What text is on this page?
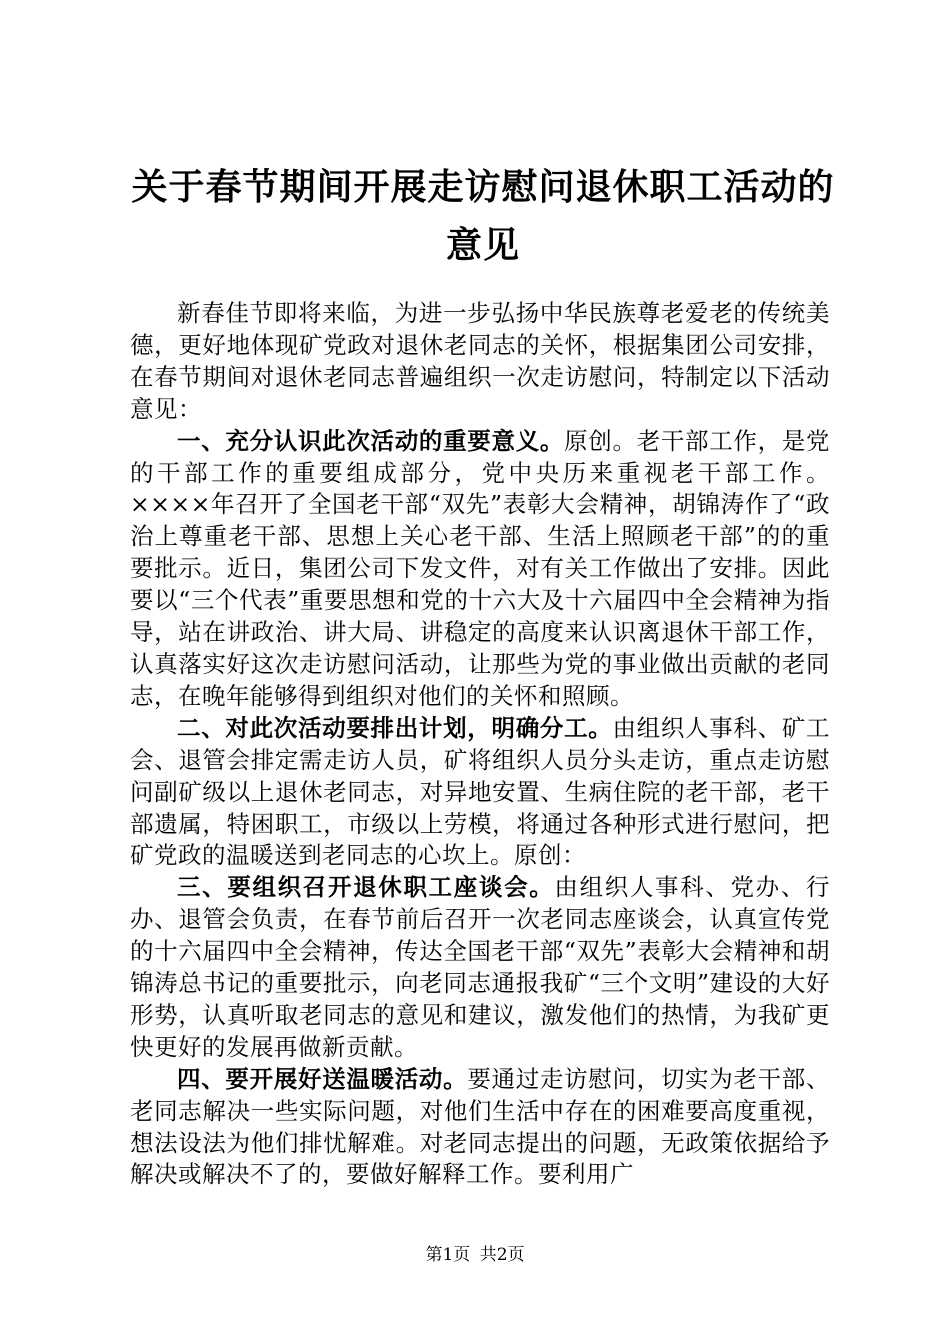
关于春节期间开展走访慰问退休职工活动的意见

新春佳节即将来临，为进一步弘扬中华民族尊老爱老的传统美德，更好地体现矿党政对退休老同志的关怀，根据集团公司安排，在春节期间对退休老同志普遍组织一次走访慰问，特制定以下活动意见：

一、充分认识此次活动的重要意义。原创。老干部工作，是党的干部工作的重要组成部分，党中央历来重视老干部工作。××××年召开了全国老干部“双先”表彰大会精神，胡锦涛作了“政治上尊重老干部、思想上关心老干部、生活上照顾老干部”的的重要批示。近日，集团公司下发文件，对有关工作做出了安排。因此要以“三个代表”重要思想和党的十六大及十六届四中全会精神为指导，站在讲政治、讲大局、讲稳定的高度来认识离退休干部工作，认真落实好这次走访慰问活动，让那些为党的事业做出贡献的老同志，在晚年能够得到组织对他们的关怀和照顾。

二、对此次活动要排出计划，明确分工。由组织人事科、矿工会、退管会排定需走访人员，矿将组织人员分头走访，重点走访慰问副矿级以上退休老同志，对异地安置、生病住院的老干部，老干部遗属，特困职工，市级以上劳模，将通过各种形式进行慰问，把矿党政的温暖送到老同志的心坎上。原创：

三、要组织召开退休职工座谈会。由组织人事科、党办、行办、退管会负责，在春节前后召开一次老同志座谈会，认真宣传党的十六届四中全会精神，传达全国老干部“双先”表彰大会精神和胡锦涛总书记的重要批示，向老同志通报我矿“三个文明”建设的大好形势，认真听取老同志的意见和建议，激发他们的热情，为我矿更快更好的发展再做新贡献。

四、要开展好送温暖活动。要通过走访慰问，切实为老干部、老同志解决一些实际问题，对他们生活中存在的困难要高度重视，想法设法为他们排忧解难。对老同志提出的问题，无政策依据给予解决或解决不了的，要做好解释工作。要利用广

第1页 共2页
